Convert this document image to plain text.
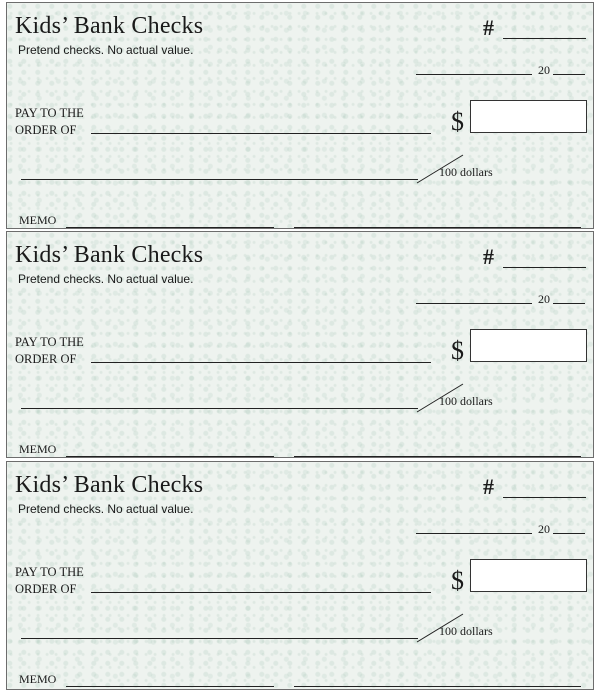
Kids’ Bank Checks
Pretend checks. No actual value.
#
20
PAY TO THE
ORDER OF	$
100 dollars
MEMO
Kids’ Bank Checks
Pretend checks. No actual value.
#
20
PAY TO THE
ORDER OF	$
100 dollars
MEMO
Kids’ Bank Checks
Pretend checks. No actual value.
#
20
PAY TO THE
ORDER OF	$
100 dollars
MEMO
